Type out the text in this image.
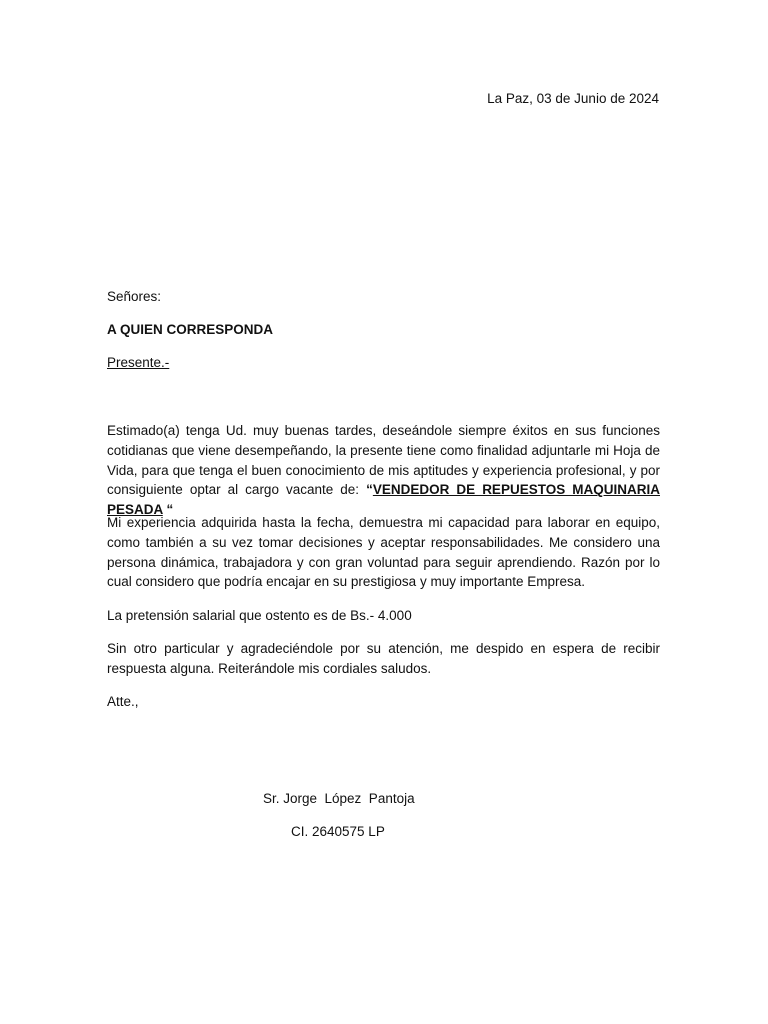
La Paz, 03 de Junio de 2024
Señores:
A QUIEN CORRESPONDA
Presente.-

Estimado(a) tenga Ud. muy buenas tardes, deseándole siempre éxitos en sus funciones cotidianas que viene desempeñando, la presente tiene como finalidad adjuntarle mi Hoja de Vida, para que tenga el buen conocimiento de mis aptitudes y experiencia profesional, y por consiguiente optar al cargo vacante de: “VENDEDOR DE REPUESTOS MAQUINARIA PESADA “

Mi experiencia adquirida hasta la fecha, demuestra mi capacidad para laborar en equipo, como también a su vez tomar decisiones y aceptar responsabilidades. Me considero una persona dinámica, trabajadora y con gran voluntad para seguir aprendiendo. Razón por lo cual considero que podría encajar en su prestigiosa y muy importante Empresa.

La pretensión salarial que ostento es de Bs.- 4.000

Sin otro particular y agradeciéndole por su atención, me despido en espera de recibir respuesta alguna. Reiterándole mis cordiales saludos.

Atte.,

Sr. Jorge  López  Pantoja
CI. 2640575 LP
